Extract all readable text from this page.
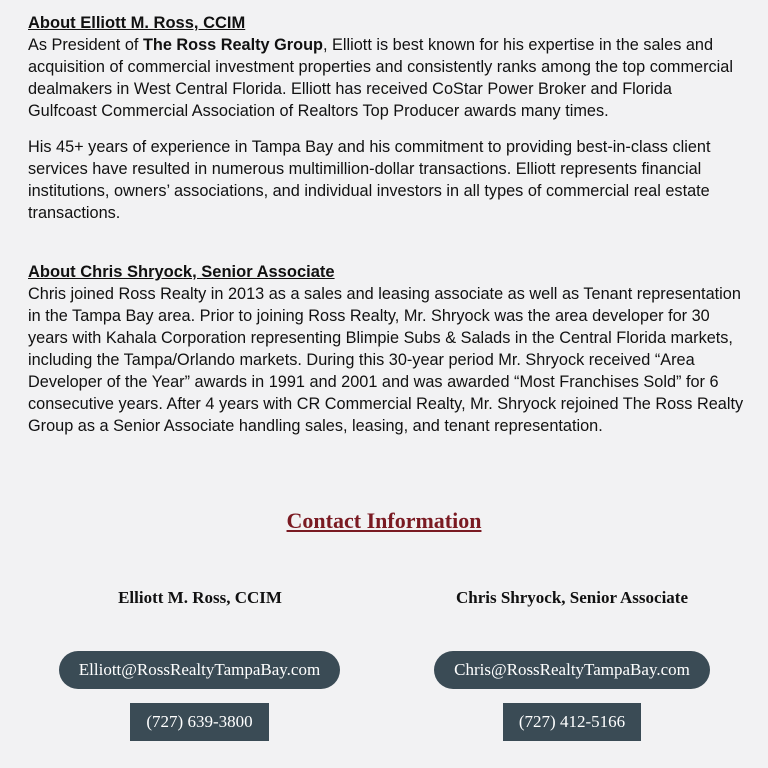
About Elliott M. Ross, CCIM

As President of The Ross Realty Group, Elliott is best known for his expertise in the sales and acquisition of commercial investment properties and consistently ranks among the top commercial dealmakers in West Central Florida. Elliott has received CoStar Power Broker and Florida Gulfcoast Commercial Association of Realtors Top Producer awards many times.

His 45+ years of experience in Tampa Bay and his commitment to providing best-in-class client services have resulted in numerous multimillion-dollar transactions. Elliott represents financial institutions, owners’ associations, and individual investors in all types of commercial real estate transactions.

About Chris Shryock, Senior Associate

Chris joined Ross Realty in 2013 as a sales and leasing associate as well as Tenant representation in the Tampa Bay area. Prior to joining Ross Realty, Mr. Shryock was the area developer for 30 years with Kahala Corporation representing Blimpie Subs & Salads in the Central Florida markets, including the Tampa/Orlando markets. During this 30-year period Mr. Shryock received “Area Developer of the Year” awards in 1991 and 2001 and was awarded “Most Franchises Sold” for 6 consecutive years. After 4 years with CR Commercial Realty, Mr. Shryock rejoined The Ross Realty Group as a Senior Associate handling sales, leasing, and tenant representation.

Contact Information
Elliott M. Ross, CCIM	Chris Shryock, Senior Associate
Elliott@RossRealtyTampaBay.com	Chris@RossRealtyTampaBay.com
(727) 639-3800	(727) 412-5166
